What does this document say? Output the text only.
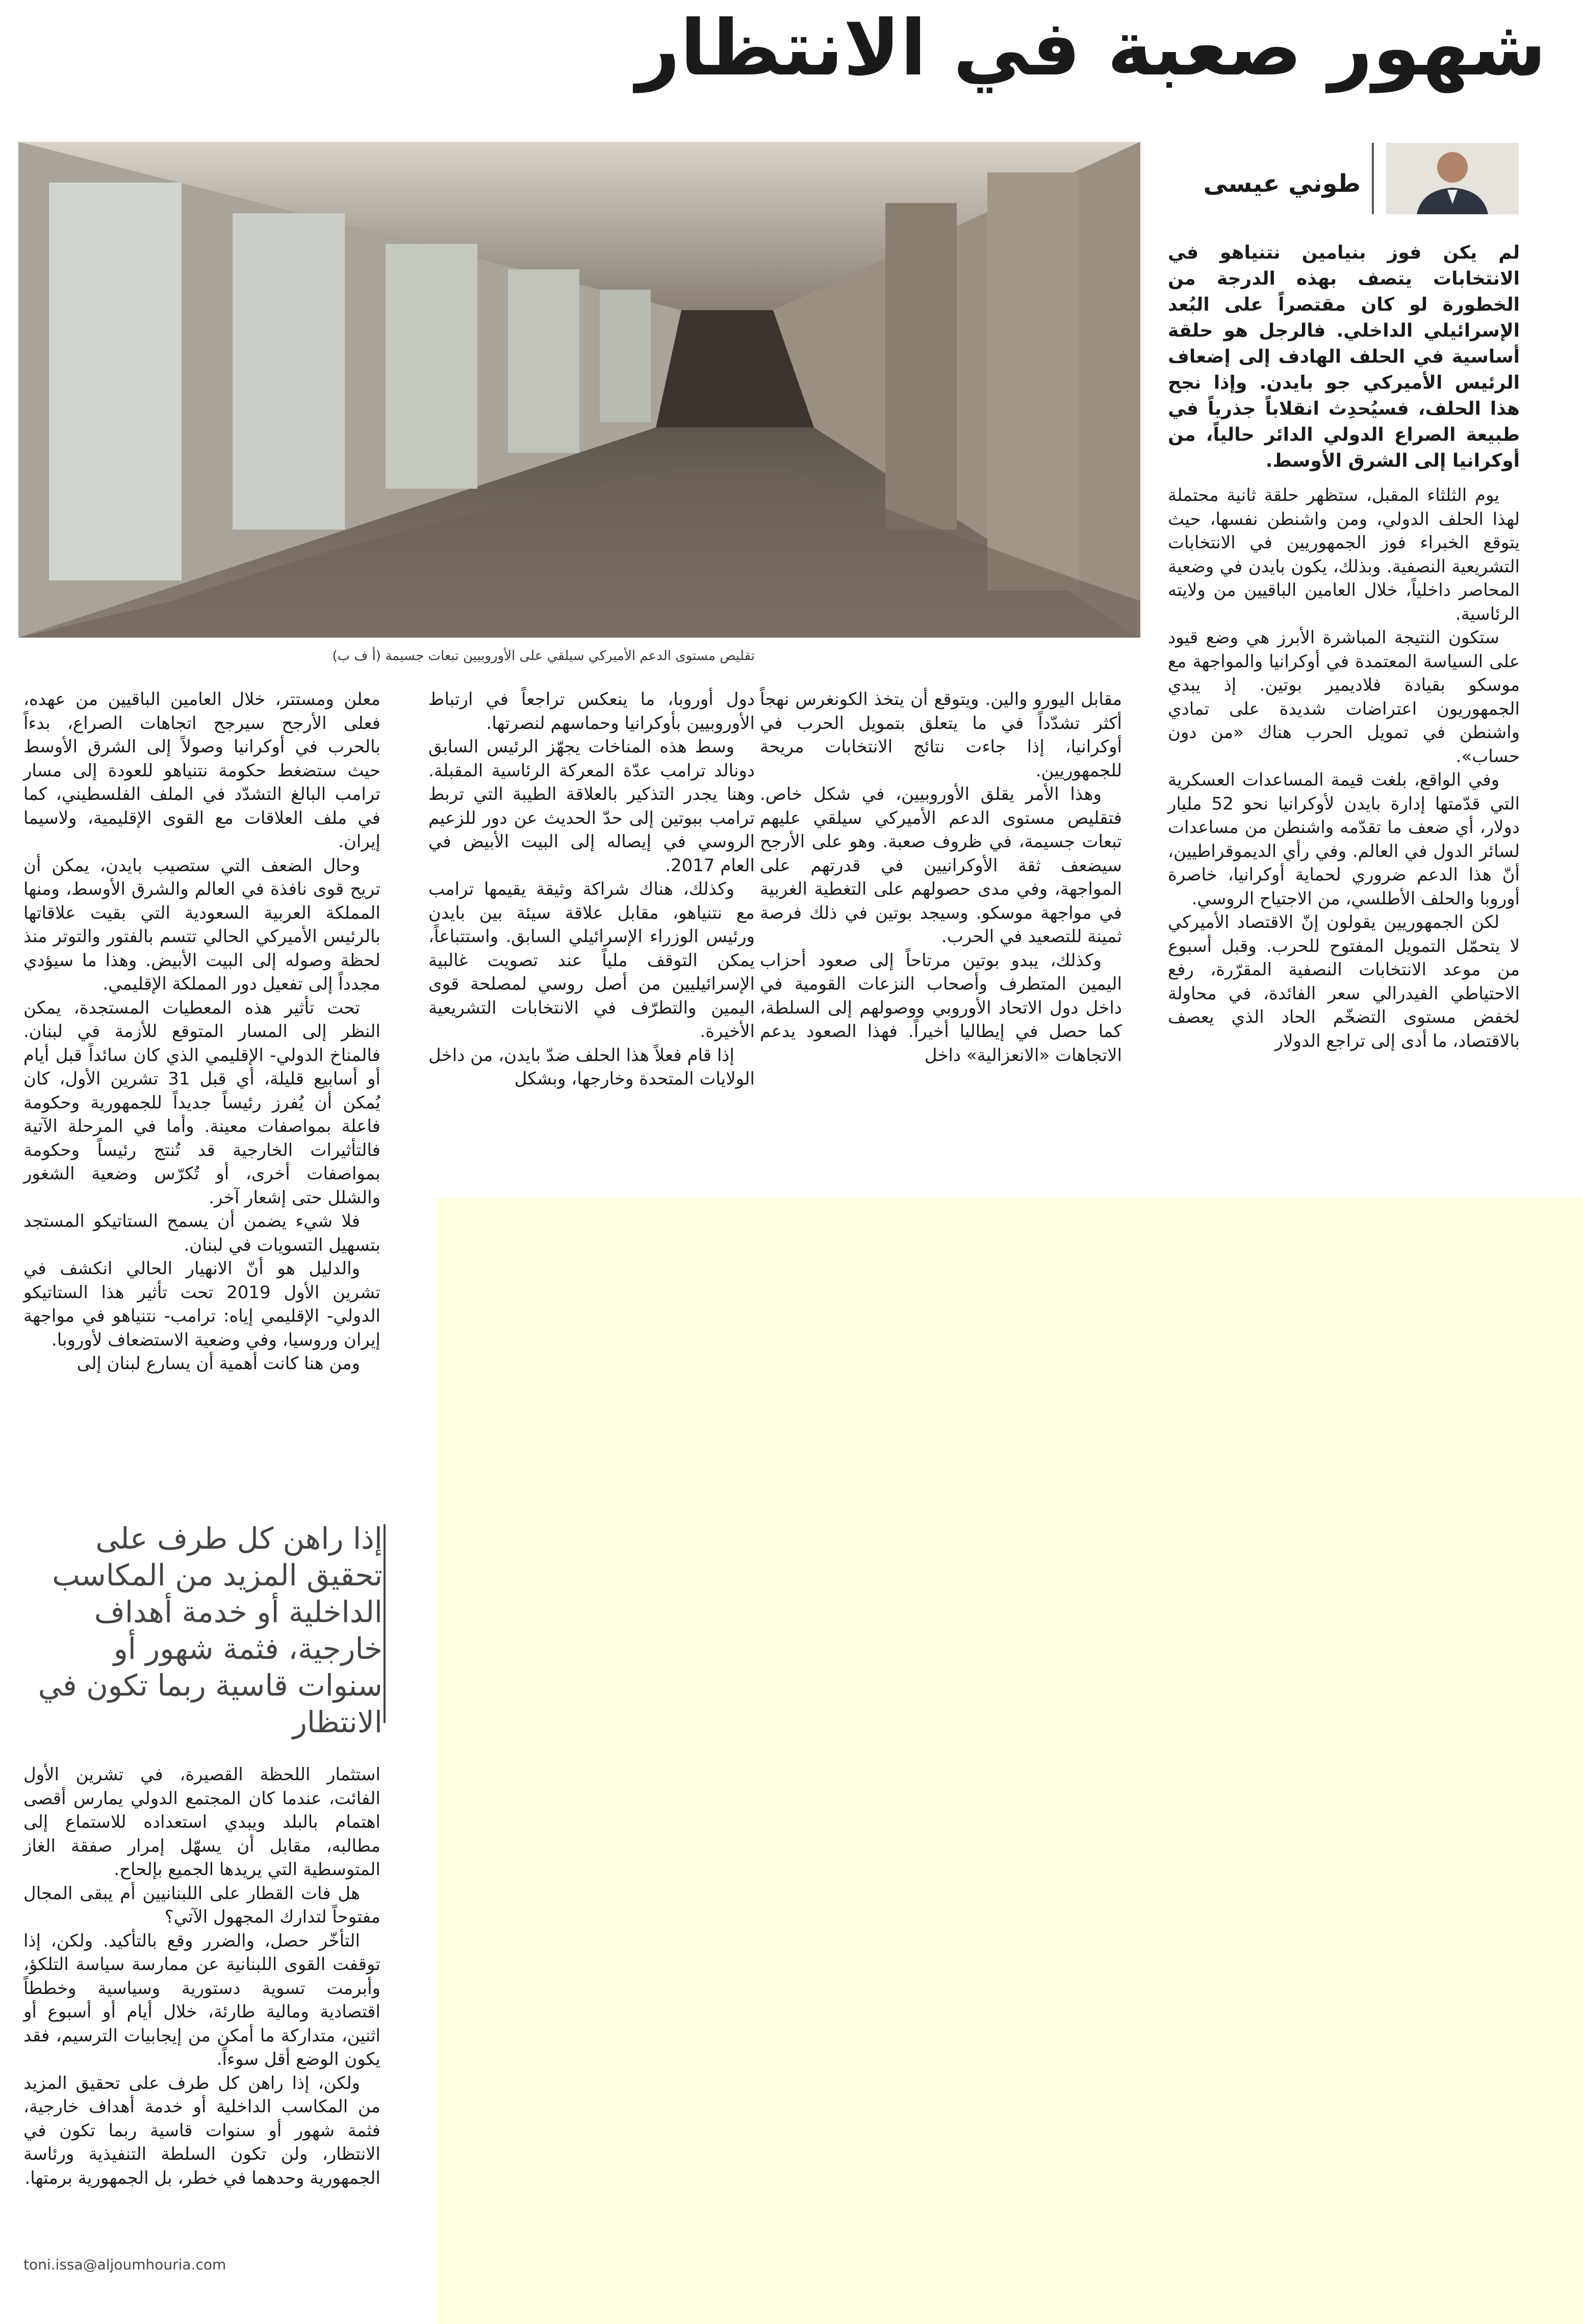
شهور صعبة في الانتظار
تقليص مستوى الدعم الأميركي سيلقي على الأوروبيين تبعات جسيمة (أ ف ب)
طوني عيسى

لم يكن فوز بنيامين نتنياهو في الانتخابات يتصف بهذه الدرجة من الخطورة لو كان مقتصراً على البُعد الإسرائيلي الداخلي. فالرجل هو حلقة أساسية في الحلف الهادف إلى إضعاف الرئيس الأميركي جو بايدن. وإذا نجح هذا الحلف، فسيُحدِث انقلاباً جذرياً في طبيعة الصراع الدولي الدائر حالياً، من أوكرانيا إلى الشرق الأوسط.

يوم الثلثاء المقبل، ستظهر حلقة ثانية محتملة لهذا الحلف الدولي، ومن واشنطن نفسها، حيث يتوقع الخبراء فوز الجمهوريين في الانتخابات التشريعية النصفية. وبذلك، يكون بايدن في وضعية المحاصر داخلياً، خلال العامين الباقيين من ولايته الرئاسية.

ستكون النتيجة المباشرة الأبرز هي وضع قيود على السياسة المعتمدة في أوكرانيا والمواجهة مع موسكو بقيادة فلاديمير بوتين. إذ يبدي الجمهوريون اعتراضات شديدة على تمادي واشنطن في تمويل الحرب هناك «من دون حساب».

وفي الواقع، بلغت قيمة المساعدات العسكرية التي قدّمتها إدارة بايدن لأوكرانيا نحو 52 مليار دولار، أي ضعف ما تقدّمه واشنطن من مساعدات لسائر الدول في العالم. وفي رأي الديموقراطيين، أنّ هذا الدعم ضروري لحماية أوكرانيا، خاصرة أوروبا والحلف الأطلسي، من الاجتياح الروسي.

لكن الجمهوريين يقولون إنّ الاقتصاد الأميركي لا يتحمّل التمويل المفتوح للحرب. وقبل أسبوع من موعد الانتخابات النصفية المقرّرة، رفع الاحتياطي الفيدرالي سعر الفائدة، في محاولة لخفض مستوى التضخّم الحاد الذي يعصف بالاقتصاد، ما أدى إلى تراجع الدولار

مقابل اليورو والين. ويتوقع أن يتخذ الكونغرس نهجاً أكثر تشدّداً في ما يتعلق بتمويل الحرب في أوكرانيا، إذا جاءت نتائج الانتخابات مريحة للجمهوريين.

وهذا الأمر يقلق الأوروبيين، في شكل خاص. فتقليص مستوى الدعم الأميركي سيلقي عليهم تبعات جسيمة، في ظروف صعبة. وهو على الأرجح سيضعف ثقة الأوكرانيين في قدرتهم على المواجهة، وفي مدى حصولهم على التغطية الغربية في مواجهة موسكو. وسيجد بوتين في ذلك فرصة ثمينة للتصعيد في الحرب.

وكذلك، يبدو بوتين مرتاحاً إلى صعود أحزاب اليمين المتطرف وأصحاب النزعات القومية في داخل دول الاتحاد الأوروبي ووصولهم إلى السلطة، كما حصل في إيطاليا أخيراً. فهذا الصعود يدعم الاتجاهات «الانعزالية» داخل

دول أوروبا، ما ينعكس تراجعاً في ارتباط الأوروبيين بأوكرانيا وحماسهم لنصرتها.

وسط هذه المناخات يجهّز الرئيس السابق دونالد ترامب عدّة المعركة الرئاسية المقبلة. وهنا يجدر التذكير بالعلاقة الطيبة التي تربط ترامب ببوتين إلى حدّ الحديث عن دور للزعيم الروسي في إيصاله إلى البيت الأبيض في العام 2017.

وكذلك، هناك شراكة وثيقة يقيمها ترامب مع نتنياهو، مقابل علاقة سيئة بين بايدن ورئيس الوزراء الإسرائيلي السابق. واستتباعاً، يمكن التوقف ملياً عند تصويت غالبية الإسرائيليين من أصل روسي لمصلحة قوى اليمين والتطرّف في الانتخابات التشريعية الأخيرة.

إذا قام فعلاً هذا الحلف ضدّ بايدن، من داخل الولايات المتحدة وخارجها، وبشكل

معلن ومستتر، خلال العامين الباقيين من عهده، فعلى الأرجح سيرجح اتجاهات الصراع، بدءاً بالحرب في أوكرانيا وصولاً إلى الشرق الأوسط حيث ستضغط حكومة نتنياهو للعودة إلى مسار ترامب البالغ التشدّد في الملف الفلسطيني، كما في ملف العلاقات مع القوى الإقليمية، ولاسيما إيران.

وحال الضعف التي ستصيب بايدن، يمكن أن تريح قوى نافذة في العالم والشرق الأوسط، ومنها المملكة العربية السعودية التي بقيت علاقاتها بالرئيس الأميركي الحالي تتسم بالفتور والتوتر منذ لحظة وصوله إلى البيت الأبيض. وهذا ما سيؤدي مجدداً إلى تفعيل دور المملكة الإقليمي.

تحت تأثير هذه المعطيات المستجدة، يمكن النظر إلى المسار المتوقع للأزمة في لبنان. فالمناخ الدولي- الإقليمي الذي كان سائداً قبل أيام أو أسابيع قليلة، أي قبل 31 تشرين الأول، كان يُمكن أن يُفرز رئيساً جديداً للجمهورية وحكومة فاعلة بمواصفات معينة. وأما في المرحلة الآتية فالتأثيرات الخارجية قد تُنتج رئيساً وحكومة بمواصفات أخرى، أو تُكرّس وضعية الشغور والشلل حتى إشعار آخر.

فلا شيء يضمن أن يسمح الستاتيكو المستجد بتسهيل التسويات في لبنان.

والدليل هو أنّ الانهيار الحالي انكشف في تشرين الأول 2019 تحت تأثير هذا الستاتيكو الدولي- الإقليمي إياه: ترامب- نتنياهو في مواجهة إيران وروسيا، وفي وضعية الاستضعاف لأوروبا.

ومن هنا كانت أهمية أن يسارع لبنان إلى

إذا راهن كل طرف على تحقيق المزيد من المكاسب الداخلية أو خدمة أهداف خارجية، فثمة شهور أو سنوات قاسية ربما تكون في الانتظار

استثمار اللحظة القصيرة، في تشرين الأول الفائت، عندما كان المجتمع الدولي يمارس أقصى اهتمام بالبلد ويبدي استعداده للاستماع إلى مطالبه، مقابل أن يسهّل إمرار صفقة الغاز المتوسطية التي يريدها الجميع بإلحاح.

هل فات القطار على اللبنانيين أم يبقى المجال مفتوحاً لتدارك المجهول الآتي؟

التأخّر حصل، والضرر وقع بالتأكيد. ولكن، إذا توقفت القوى اللبنانية عن ممارسة سياسة التلكؤ، وأبرمت تسوية دستورية وسياسية وخططاً اقتصادية ومالية طارئة، خلال أيام أو أسبوع أو اثنين، متداركة ما أمكن من إيجابيات الترسيم، فقد يكون الوضع أقل سوءاً.

ولكن، إذا راهن كل طرف على تحقيق المزيد من المكاسب الداخلية أو خدمة أهداف خارجية، فثمة شهور أو سنوات قاسية ربما تكون في الانتظار، ولن تكون السلطة التنفيذية ورئاسة الجمهورية وحدهما في خطر، بل الجمهورية برمتها.

toni.issa@aljoumhouria.com
